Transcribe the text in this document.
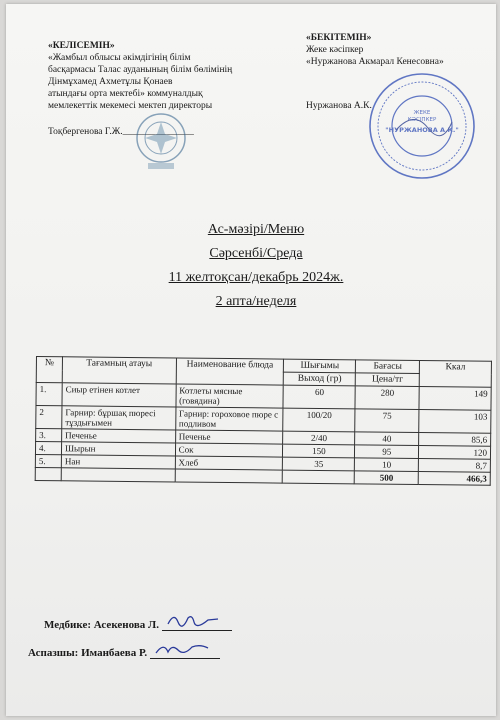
«КЕЛІСЕМІН»
«Жамбыл облысы әкімдігінің білім
басқармасы Талас ауданының білім бөлімінің
Дінмұхамед Ахметұлы Қонаев
атындағы орта мектебі» коммуналдық
мемлекеттік мекемесі мектеп директоры
Тоқбергенова Г.Ж._______________
«БЕКІТЕМІН»
Жеке кәсіпкер
«Нуржанова Акмарал Кенесовна»
Нуржанова А.К.
ЖЕКЕ
КӘСІПКЕР
"НУРЖАНОВА А.К."
Ас-мәзірі/Меню
Сәрсенбі/Среда
11 желтоқсан/декабрь 2024ж.
2 апта/неделя
№	Тағамның атауы	Наименование блюда	Шығымы	Бағасы	Ккал
			Выход (гр)	Цена/тг	
1.	Сиыр етінен котлет	Котлеты мясные (говядина)	60	280	149
2	Гарнир: бұршақ пюресі тұздығымен	Гарнир: гороховое пюре с подливом	100/20	75	103
3.	Печенье	Печенье	2/40	40	85,6
4.	Шырын	Сок	150	95	120
5.	Нан	Хлеб	35	10	8,7
				500	466,3
Медбике: Асекенова Л.
Аспазшы: Иманбаева Р.
